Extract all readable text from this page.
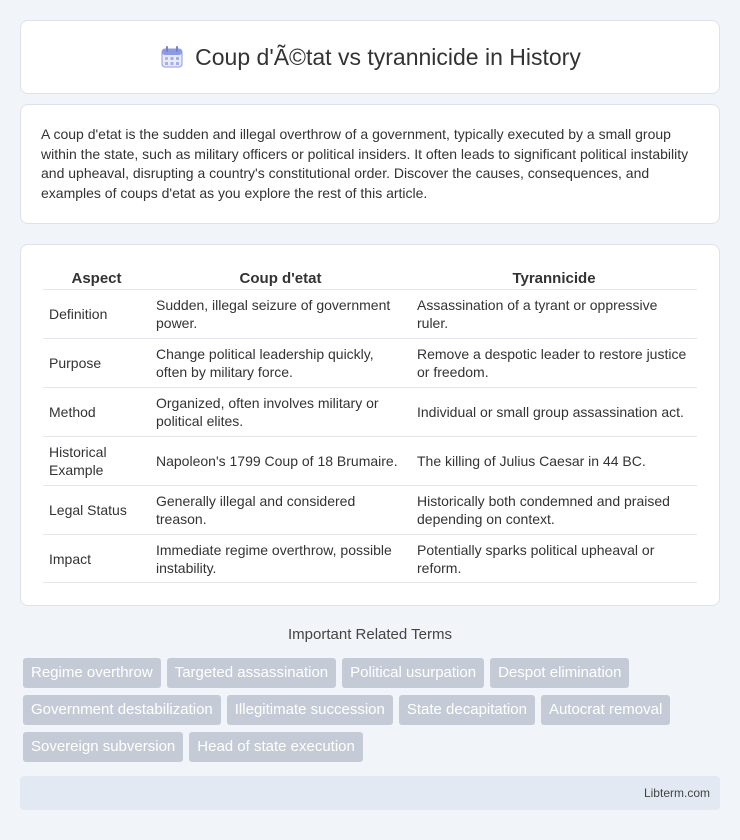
Coup d'Ã©tat vs tyrannicide in History

A coup d'etat is the sudden and illegal overthrow of a government, typically executed by a small group within the state, such as military officers or political insiders. It often leads to significant political instability and upheaval, disrupting a country's constitutional order. Discover the causes, consequences, and examples of coups d'etat as you explore the rest of this article.

Aspect	Coup d'etat	Tyrannicide
Definition	Sudden, illegal seizure of government power.	Assassination of a tyrant or oppressive ruler.
Purpose	Change political leadership quickly, often by military force.	Remove a despotic leader to restore justice or freedom.
Method	Organized, often involves military or political elites.	Individual or small group assassination act.
Historical Example	Napoleon's 1799 Coup of 18 Brumaire.	The killing of Julius Caesar in 44 BC.
Legal Status	Generally illegal and considered treason.	Historically both condemned and praised depending on context.
Impact	Immediate regime overthrow, possible instability.	Potentially sparks political upheaval or reform.
Important Related Terms
Regime overthrow	Targeted assassination	Political usurpation	Despot elimination
Government destabilization	Illegitimate succession	State decapitation	Autocrat removal
Sovereign subversion	Head of state execution
Libterm.com
